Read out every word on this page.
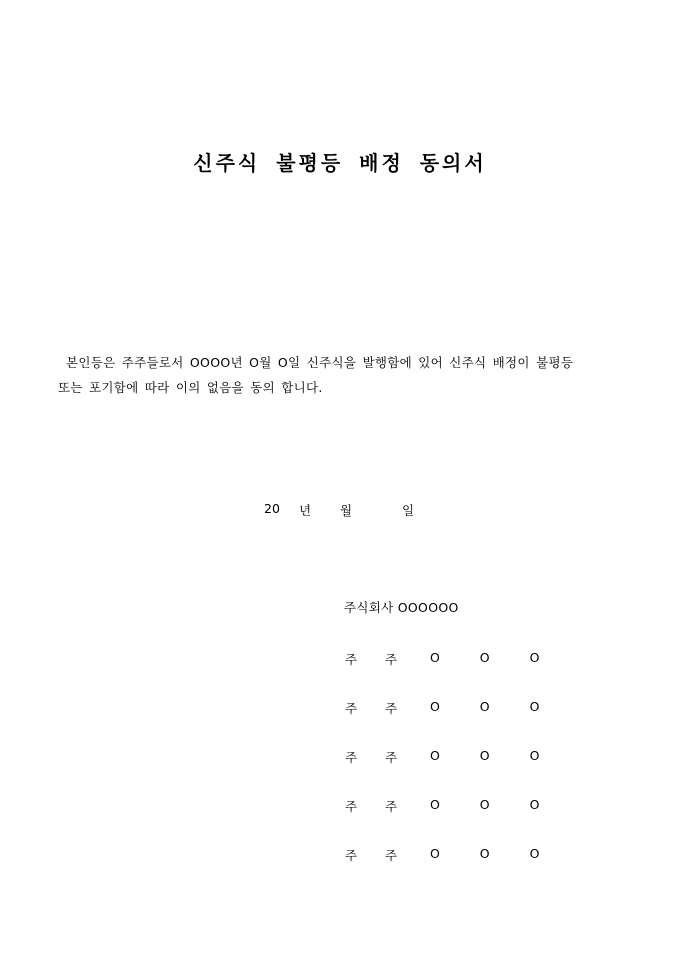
신주식 불평등 배정 동의서

본인등은 주주들로서 OOOO년 O월 O일 신주식을 발행함에 있어 신주식 배정이 불평등
또는 포기함에 따라 이의 없음을 동의 합니다.

20 년 월	일
주식회사 OOOOOO
주 주	O O O
주 주	O O O
주 주	O O O
주 주	O O O
주 주	O O O
